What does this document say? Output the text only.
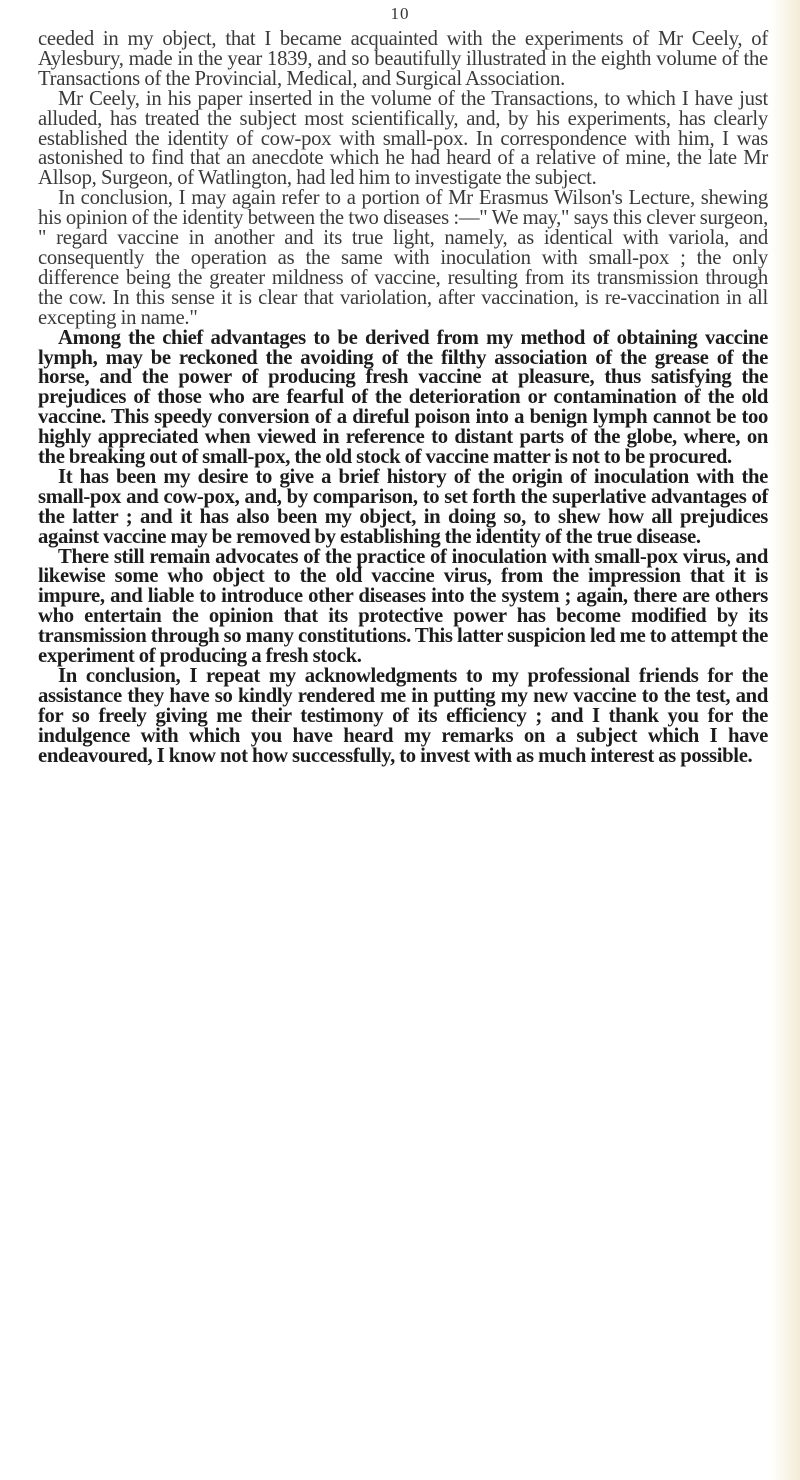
10

ceeded in my object, that I became acquainted with the experiments of Mr Ceely, of Aylesbury, made in the year 1839, and so beautifully illustrated in the eighth volume of the Transactions of the Provincial, Medical, and Surgical Association.

Mr Ceely, in his paper inserted in the volume of the Transactions, to which I have just alluded, has treated the subject most scientifically, and, by his experiments, has clearly established the identity of cow-pox with small-pox. In correspondence with him, I was astonished to find that an anecdote which he had heard of a relative of mine, the late Mr Allsop, Surgeon, of Watlington, had led him to investigate the subject.

In conclusion, I may again refer to a portion of Mr Erasmus Wilson's Lecture, shewing his opinion of the identity between the two diseases :—" We may," says this clever surgeon, " regard vaccine in another and its true light, namely, as identical with variola, and consequently the operation as the same with inoculation with small-pox ; the only difference being the greater mildness of vaccine, resulting from its transmission through the cow. In this sense it is clear that variolation, after vaccination, is re-vaccination in all excepting in name."

Among the chief advantages to be derived from my method of obtaining vaccine lymph, may be reckoned the avoiding of the filthy association of the grease of the horse, and the power of producing fresh vaccine at pleasure, thus satisfying the prejudices of those who are fearful of the deterioration or contamination of the old vaccine. This speedy conversion of a direful poison into a benign lymph cannot be too highly appreciated when viewed in reference to distant parts of the globe, where, on the breaking out of small-pox, the old stock of vaccine matter is not to be procured.

It has been my desire to give a brief history of the origin of inoculation with the small-pox and cow-pox, and, by comparison, to set forth the superlative advantages of the latter ; and it has also been my object, in doing so, to shew how all prejudices against vaccine may be removed by establishing the identity of the true disease.

There still remain advocates of the practice of inoculation with small-pox virus, and likewise some who object to the old vaccine virus, from the impression that it is impure, and liable to introduce other diseases into the system ; again, there are others who entertain the opinion that its protective power has become modified by its transmission through so many constitutions. This latter suspicion led me to attempt the experiment of producing a fresh stock.

In conclusion, I repeat my acknowledgments to my professional friends for the assistance they have so kindly rendered me in putting my new vaccine to the test, and for so freely giving me their testimony of its efficiency ; and I thank you for the indulgence with which you have heard my remarks on a subject which I have endeavoured, I know not how successfully, to invest with as much interest as possible.
